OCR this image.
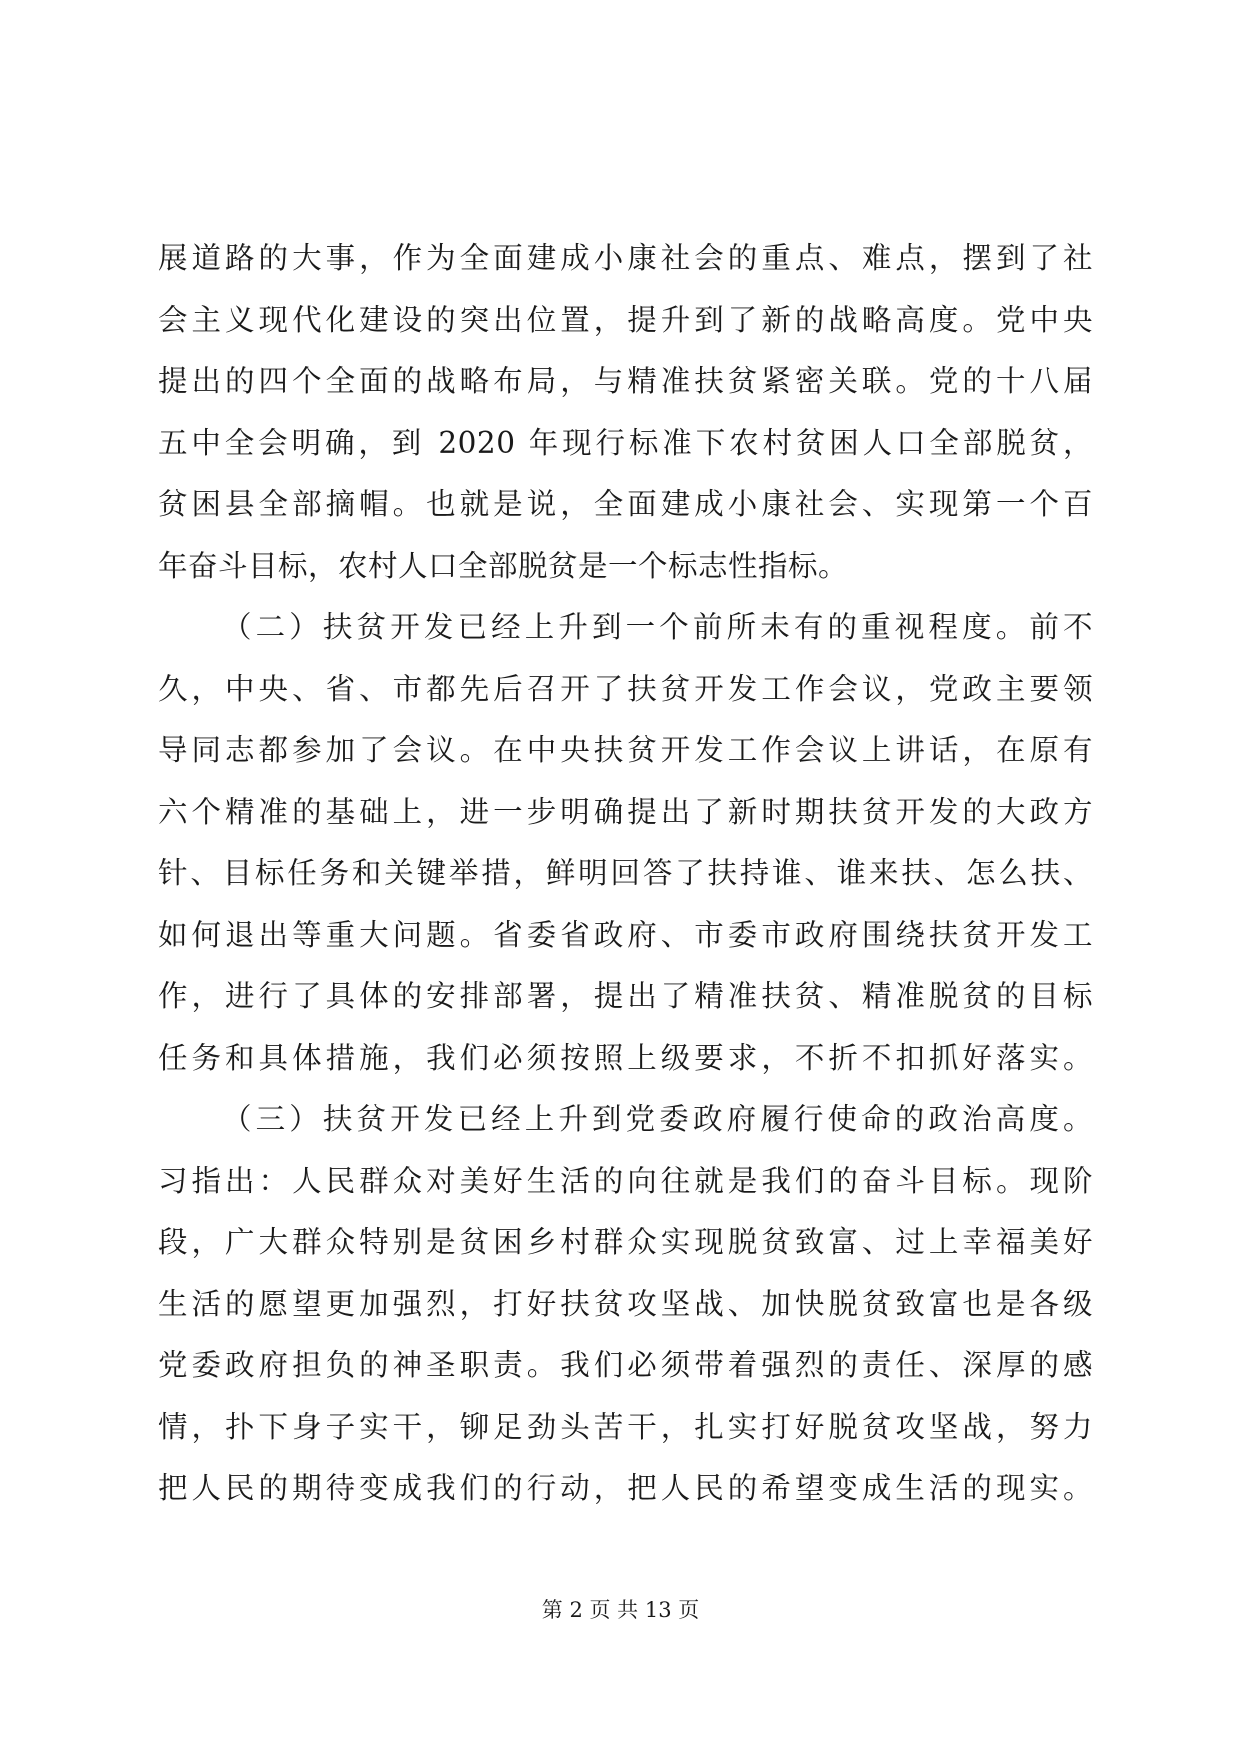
展道路的大事，作为全面建成小康社会的重点、难点，摆到了社
会主义现代化建设的突出位置，提升到了新的战略高度。党中央
提出的四个全面的战略布局，与精准扶贫紧密关联。党的十八届
五中全会明确，到 2020 年现行标准下农村贫困人口全部脱贫，
贫困县全部摘帽。也就是说，全面建成小康社会、实现第一个百
年奋斗目标，农村人口全部脱贫是一个标志性指标。
（二）扶贫开发已经上升到一个前所未有的重视程度。前不
久，中央、省、市都先后召开了扶贫开发工作会议，党政主要领
导同志都参加了会议。在中央扶贫开发工作会议上讲话，在原有
六个精准的基础上，进一步明确提出了新时期扶贫开发的大政方
针、目标任务和关键举措，鲜明回答了扶持谁、谁来扶、怎么扶、
如何退出等重大问题。省委省政府、市委市政府围绕扶贫开发工
作，进行了具体的安排部署，提出了精准扶贫、精准脱贫的目标
任务和具体措施，我们必须按照上级要求，不折不扣抓好落实。
（三）扶贫开发已经上升到党委政府履行使命的政治高度。
习指出：人民群众对美好生活的向往就是我们的奋斗目标。现阶
段，广大群众特别是贫困乡村群众实现脱贫致富、过上幸福美好
生活的愿望更加强烈，打好扶贫攻坚战、加快脱贫致富也是各级
党委政府担负的神圣职责。我们必须带着强烈的责任、深厚的感
情，扑下身子实干，铆足劲头苦干，扎实打好脱贫攻坚战，努力
把人民的期待变成我们的行动，把人民的希望变成生活的现实。
第 2 页 共 13 页
